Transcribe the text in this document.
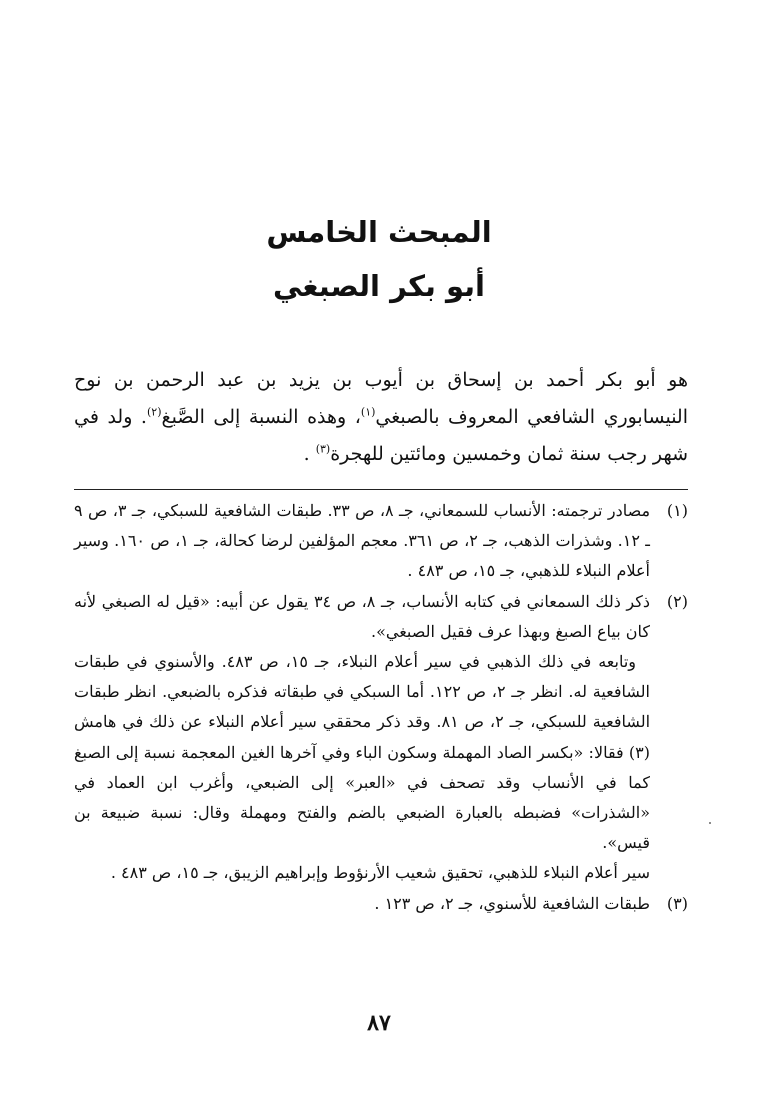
المبحث الخامس
أبو بكر الصبغي

هو أبو بكر أحمد بن إسحاق بن أيوب بن يزيد بن عبد الرحمن بن نوح النيسابوري الشافعي المعروف بالصبغي$^{(١)}$، وهذه النسبة إلى الصَّبغ$^{(٢)}$. ولد في شهر رجب سنة ثمان وخمسين ومائتين للهجرة$^{(٣)}$ .

(١)
مصادر ترجمته: الأنساب للسمعاني، جـ ٨، ص ٣٣. طبقات الشافعية للسبكي، جـ ٣، ص ٩ ـ ١٢. وشذرات الذهب، جـ ٢، ص ٣٦١. معجم المؤلفين لرضا كحالة، جـ ١، ص ١٦٠. وسير أعلام النبلاء للذهبي، جـ ١٥، ص ٤٨٣ .

(٢)
ذكر ذلك السمعاني في كتابه الأنساب، جـ ٨، ص ٣٤ يقول عن أبيه: «قيل له الصبغي لأنه كان بياع الصبغ وبهذا عرف فقيل الصبغي».

وتابعه في ذلك الذهبي في سير أعلام النبلاء، جـ ١٥، ص ٤٨٣. والأسنوي في طبقات الشافعية له. انظر جـ ٢، ص ١٢٢. أما السبكي في طبقاته فذكره بالضبعي. انظر طبقات الشافعية للسبكي، جـ ٢، ص ٨١. وقد ذكر محققي سير أعلام النبلاء عن ذلك في هامش (٣) فقالا: «بكسر الصاد المهملة وسكون الباء وفي آخرها الغين المعجمة نسبة إلى الصبغ كما في الأنساب وقد تصحف في «العبر» إلى الضبعي، وأغرب ابن العماد في «الشذرات» فضبطه بالعبارة الضبعي بالضم والفتح ومهملة وقال: نسبة ضبيعة بن قيس».

سير أعلام النبلاء للذهبي، تحقيق شعيب الأرنؤوط وإبراهيم الزيبق، جـ ١٥، ص ٤٨٣ .

(٣)
طبقات الشافعية للأسنوي، جـ ٢، ص ١٢٣ .

٨٧
